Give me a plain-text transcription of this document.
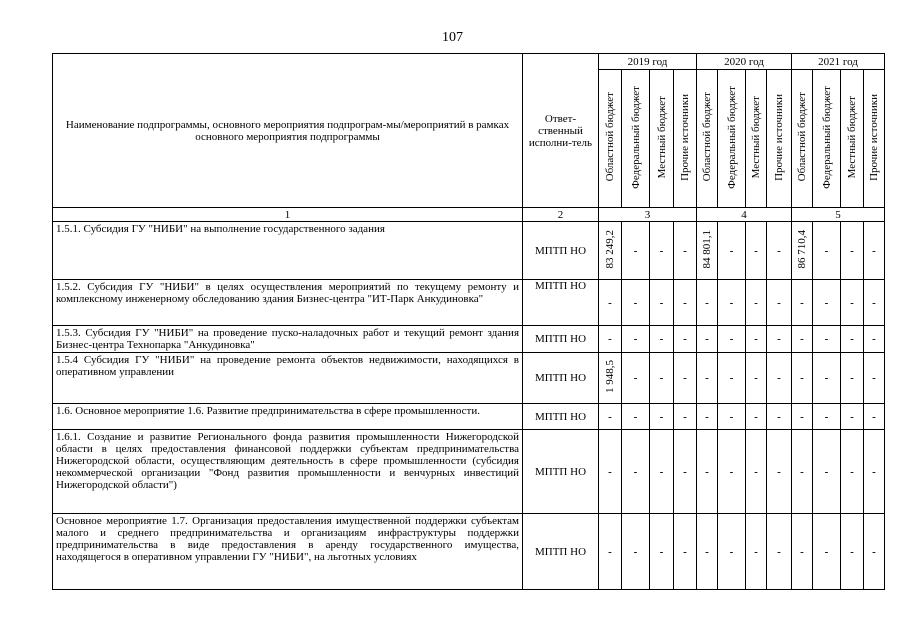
107
Наименование подпрограммы, основного мероприятия подпрограм-мы/мероприятий в рамках основного мероприятия подпрограммы	Ответ-ственный исполни-тель	2019 год				2020 год				2021 год			
		Областной бюджет	Федеральный бюджет	Местный бюджет	Прочие источники	Областной бюджет	Федеральный бюджет	Местный бюджет	Прочие источники	Областной бюджет	Федеральный бюджет	Местный бюджет	Прочие источники
1	2	3				4				5			
1.5.1. Субсидия ГУ "НИБИ" на выполнение государственного задания	МПТП НО	83 249,2	-	-	-	84 801,1	-	-	-	86 710,4	-	-	-
1.5.2. Субсидия ГУ "НИБИ" в целях осуществления мероприятий по текущему ремонту и комплексному инженерному обследованию здания Бизнес-центра "ИТ-Парк Анкудиновка"	МПТП НО	-	-	-	-	-	-	-	-	-	-	-	-
1.5.3. Субсидия ГУ "НИБИ" на проведение пуско-наладочных работ и текущий ремонт здания Бизнес-центра Технопарка "Анкудиновка"	МПТП НО	-	-	-	-	-	-	-	-	-	-	-	-
1.5.4 Субсидия ГУ "НИБИ" на проведение ремонта объектов недвижимости, находящихся в оперативном управлении	МПТП НО	1 948,5	-	-	-	-	-	-	-	-	-	-	-
1.6. Основное мероприятие 1.6. Развитие предпринимательства в сфере промышленности.	МПТП НО	-	-	-	-	-	-	-	-	-	-	-	-
1.6.1. Создание и развитие Регионального фонда развития промышленности Нижегородской области в целях предоставления финансовой поддержки субъектам предпринимательства Нижегородской области, осуществляющим деятельность в сфере промышленности (субсидия некоммерческой организации "Фонд развития промышленности и венчурных инвестиций Нижегородской области")	МПТП НО	-	-	-	-	-	-	-	-	-	-	-	-
Основное мероприятие 1.7. Организация предоставления имущественной поддержки субъектам малого и среднего предпринимательства и организациям инфраструктуры поддержки предпринимательства в виде предоставления в аренду государственного имущества, находящегося в оперативном управлении ГУ "НИБИ", на льготных условиях	МПТП НО	-	-	-	-	-	-	-	-	-	-	-	-
